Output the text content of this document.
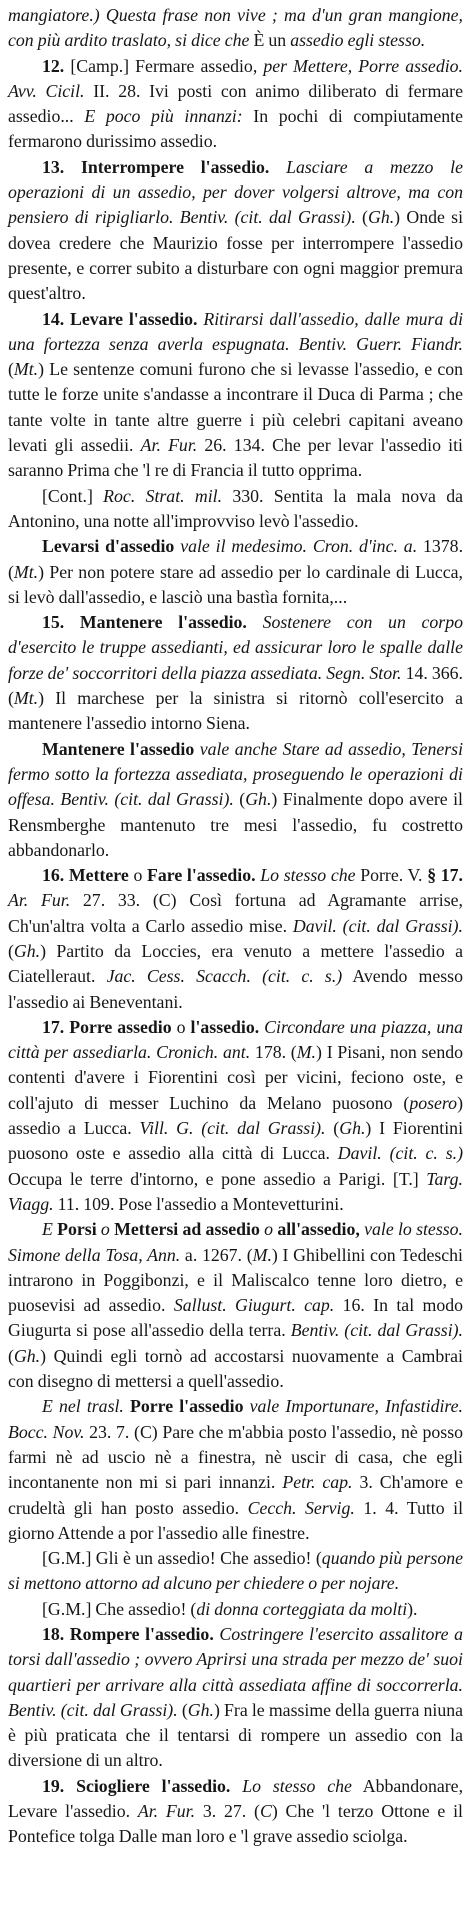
mangiatore.) Questa frase non vive ; ma d'un gran mangione, con più ardito traslato, si dice che È un assedio egli stesso.

12. [Camp.] Fermare assedio, per Mettere, Porre assedio. Avv. Cicil. II. 28. Ivi posti con animo diliberato di fermare assedio... E poco più innanzi: In pochi di compiutamente fermarono durissimo assedio.

13. Interrompere l'assedio. Lasciare a mezzo le operazioni di un assedio, per dover volgersi altrove, ma con pensiero di ripigliarlo. Bentiv. (cit. dal Grassi). (Gh.) Onde si dovea credere che Maurizio fosse per interrompere l'assedio presente, e correr subito a disturbare con ogni maggior premura quest'altro.

14. Levare l'assedio. Ritirarsi dall'assedio, dalle mura di una fortezza senza averla espugnata. Bentiv. Guerr. Fiandr. (Mt.) Le sentenze comuni furono che si levasse l'assedio, e con tutte le forze unite s'andasse a incontrare il Duca di Parma ; che tante volte in tante altre guerre i più celebri capitani aveano levati gli assedii. Ar. Fur. 26. 134. Che per levar l'assedio iti saranno Prima che 'l re di Francia il tutto opprima.

[Cont.] Roc. Strat. mil. 330. Sentita la mala nova da Antonino, una notte all'improvviso levò l'assedio.

Levarsi d'assedio vale il medesimo. Cron. d'inc. a. 1378. (Mt.) Per non potere stare ad assedio per lo cardinale di Lucca, si levò dall'assedio, e lasciò una bastìa fornita,...

15. Mantenere l'assedio. Sostenere con un corpo d'esercito le truppe assedianti, ed assicurar loro le spalle dalle forze de' soccorritori della piazza assediata. Segn. Stor. 14. 366. (Mt.) Il marchese per la sinistra si ritornò coll'esercito a mantenere l'assedio intorno Siena.

Mantenere l'assedio vale anche Stare ad assedio, Tenersi fermo sotto la fortezza assediata, proseguendo le operazioni di offesa. Bentiv. (cit. dal Grassi). (Gh.) Finalmente dopo avere il Rensmberghe mantenuto tre mesi l'assedio, fu costretto abbandonarlo.

16. Mettere o Fare l'assedio. Lo stesso che Porre. V. § 17. Ar. Fur. 27. 33. (C) Così fortuna ad Agramante arrise, Ch'un'altra volta a Carlo assedio mise. Davil. (cit. dal Grassi). (Gh.) Partito da Loccies, era venuto a mettere l'assedio a Ciatelleraut. Jac. Cess. Scacch. (cit. c. s.) Avendo messo l'assedio ai Beneventani.

17. Porre assedio o l'assedio. Circondare una piazza, una città per assediarla. Cronich. ant. 178. (M.) I Pisani, non sendo contenti d'avere i Fiorentini così per vicini, feciono oste, e coll'ajuto di messer Luchino da Melano puosono (posero) assedio a Lucca. Vill. G. (cit. dal Grassi). (Gh.) I Fiorentini puosono oste e assedio alla città di Lucca. Davil. (cit. c. s.) Occupa le terre d'intorno, e pone assedio a Parigi. [T.] Targ. Viagg. 11. 109. Pose l'assedio a Montevetturini.

E Porsi o Mettersi ad assedio o all'assedio, vale lo stesso. Simone della Tosa, Ann. a. 1267. (M.) I Ghibellini con Tedeschi intrarono in Poggibonzi, e il Maliscalco tenne loro dietro, e puosevisi ad assedio. Sallust. Giugurt. cap. 16. In tal modo Giugurta si pose all'assedio della terra. Bentiv. (cit. dal Grassi). (Gh.) Quindi egli tornò ad accostarsi nuovamente a Cambrai con disegno di mettersi a quell'assedio.

E nel trasl. Porre l'assedio vale Importunare, Infastidire. Bocc. Nov. 23. 7. (C) Pare che m'abbia posto l'assedio, nè posso farmi nè ad uscio nè a finestra, nè uscir di casa, che egli incontanente non mi si pari innanzi. Petr. cap. 3. Ch'amore e crudeltà gli han posto assedio. Cecch. Servig. 1. 4. Tutto il giorno Attende a por l'assedio alle finestre.

[G.M.] Gli è un assedio! Che assedio! (quando più persone si mettono attorno ad alcuno per chiedere o per nojare.

[G.M.] Che assedio! (di donna corteggiata da molti).

18. Rompere l'assedio. Costringere l'esercito assalitore a torsi dall'assedio ; ovvero Aprirsi una strada per mezzo de' suoi quartieri per arrivare alla città assediata affine di soccorrerla. Bentiv. (cit. dal Grassi). (Gh.) Fra le massime della guerra niuna è più praticata che il tentarsi di rompere un assedio con la diversione di un altro.

19. Sciogliere l'assedio. Lo stesso che Abbandonare, Levare l'assedio. Ar. Fur. 3. 27. (C) Che 'l terzo Ottone e il Pontefice tolga Dalle man loro e 'l grave assedio sciolga.
